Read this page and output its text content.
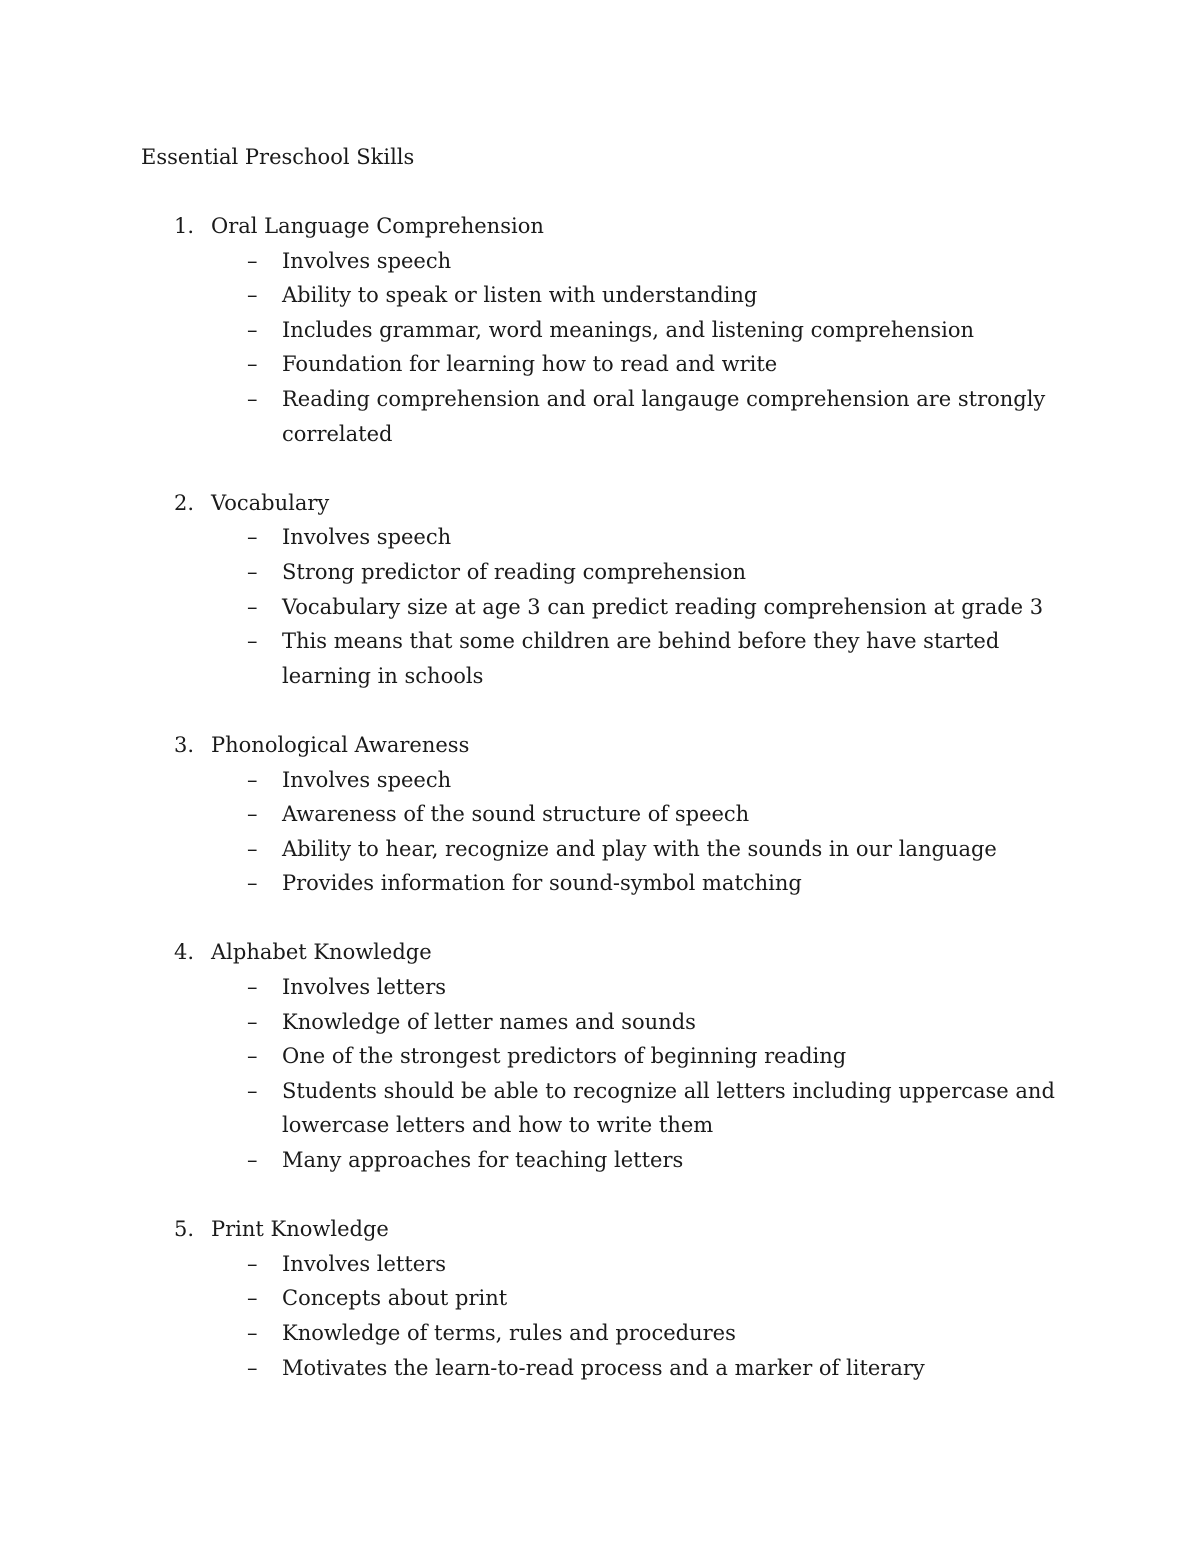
Essential Preschool Skills
1. Oral Language Comprehension
– Involves speech
– Ability to speak or listen with understanding
– Includes grammar, word meanings, and listening comprehension
– Foundation for learning how to read and write
– Reading comprehension and oral langauge comprehension are strongly correlated
2. Vocabulary
– Involves speech
– Strong predictor of reading comprehension
– Vocabulary size at age 3 can predict reading comprehension at grade 3
– This means that some children are behind before they have started learning in schools
3. Phonological Awareness
– Involves speech
– Awareness of the sound structure of speech
– Ability to hear, recognize and play with the sounds in our language
– Provides information for sound-symbol matching
4. Alphabet Knowledge
– Involves letters
– Knowledge of letter names and sounds
– One of the strongest predictors of beginning reading
– Students should be able to recognize all letters including uppercase and lowercase letters and how to write them
– Many approaches for teaching letters
5. Print Knowledge
– Involves letters
– Concepts about print
– Knowledge of terms, rules and procedures
– Motivates the learn-to-read process and a marker of literary
